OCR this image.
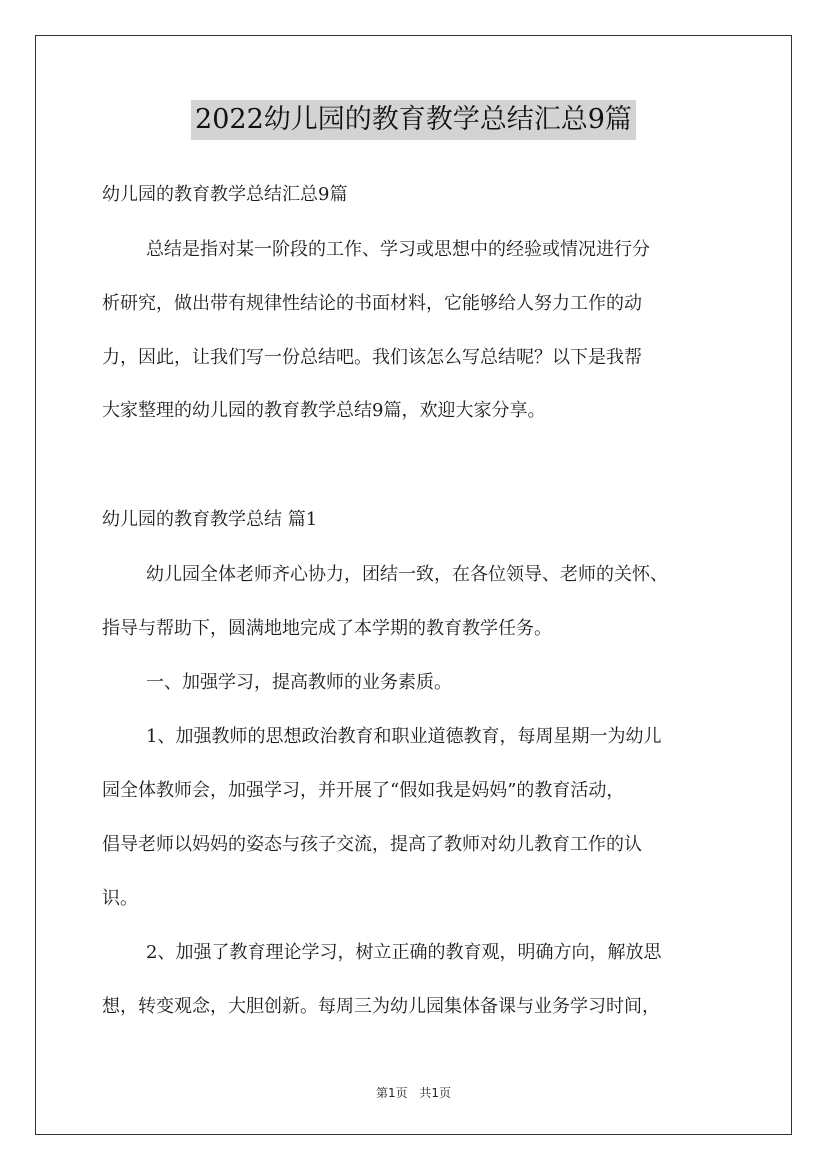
2022幼儿园的教育教学总结汇总9篇
幼儿园的教育教学总结汇总9篇
总结是指对某一阶段的工作、学习或思想中的经验或情况进行分
析研究，做出带有规律性结论的书面材料，它能够给人努力工作的动
力，因此，让我们写一份总结吧。我们该怎么写总结呢？以下是我帮
大家整理的幼儿园的教育教学总结9篇，欢迎大家分享。
幼儿园的教育教学总结 篇1
幼儿园全体老师齐心协力，团结一致，在各位领导、老师的关怀、
指导与帮助下，圆满地地完成了本学期的教育教学任务。
一、加强学习，提高教师的业务素质。
1、加强教师的思想政治教育和职业道德教育，每周星期一为幼儿
园全体教师会，加强学习，并开展了“假如我是妈妈”的教育活动，
倡导老师以妈妈的姿态与孩子交流，提高了教师对幼儿教育工作的认
识。
2、加强了教育理论学习，树立正确的教育观，明确方向，解放思
想，转变观念，大胆创新。每周三为幼儿园集体备课与业务学习时间，
第1页 共1页
